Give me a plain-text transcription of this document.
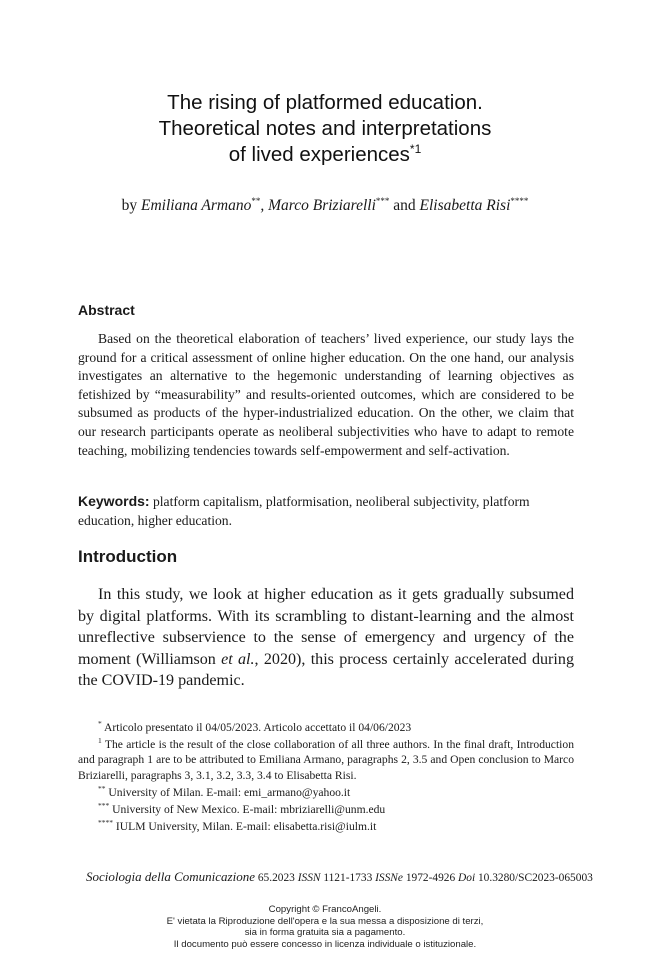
The rising of platformed education.
Theoretical notes and interpretations
of lived experiences$^{*1}$
by Emiliana Armano**, Marco Briziarelli*** and Elisabetta Risi****
Abstract

Based on the theoretical elaboration of teachers’ lived experience, our study lays the ground for a critical assessment of online higher education. On the one hand, our analysis investigates an alternative to the hegemonic understanding of learning objectives as fetishized by “measurability” and results-oriented outcomes, which are considered to be subsumed as products of the hyper-industrialized education. On the other, we claim that our research participants operate as neoliberal subjectivities who have to adapt to remote teaching, mobilizing tendencies towards self-empowerment and self-activation.

Keywords: platform capitalism, platformisation, neoliberal subjectivity, platform education, higher education.

Introduction

In this study, we look at higher education as it gets gradually subsumed by digital platforms. With its scrambling to distant-learning and the almost unreflective subservience to the sense of emergency and urgency of the moment (Williamson et al., 2020), this process certainly accelerated during the COVID-19 pandemic.

* Articolo presentato il 04/05/2023. Articolo accettato il 04/06/2023

$^1$ The article is the result of the close collaboration of all three authors. In the final draft, Introduction and paragraph 1 are to be attributed to Emiliana Armano, paragraphs 2, 3.5 and Open conclusion to Marco Briziarelli, paragraphs 3, 3.1, 3.2, 3.3, 3.4 to Elisabetta Risi.

** University of Milan. E-mail: emi_armano@yahoo.it

*** University of New Mexico. E-mail: mbriziarelli@unm.edu

**** IULM University, Milan. E-mail: elisabetta.risi@iulm.it

Sociologia della Comunicazione 65.2023 ISSN 1121-1733 ISSNe 1972-4926 Doi 10.3280/SC2023-065003
Copyright © FrancoAngeli.
E' vietata la Riproduzione dell'opera e la sua messa a disposizione di terzi,
sia in forma gratuita sia a pagamento.
Il documento può essere concesso in licenza individuale o istituzionale.
